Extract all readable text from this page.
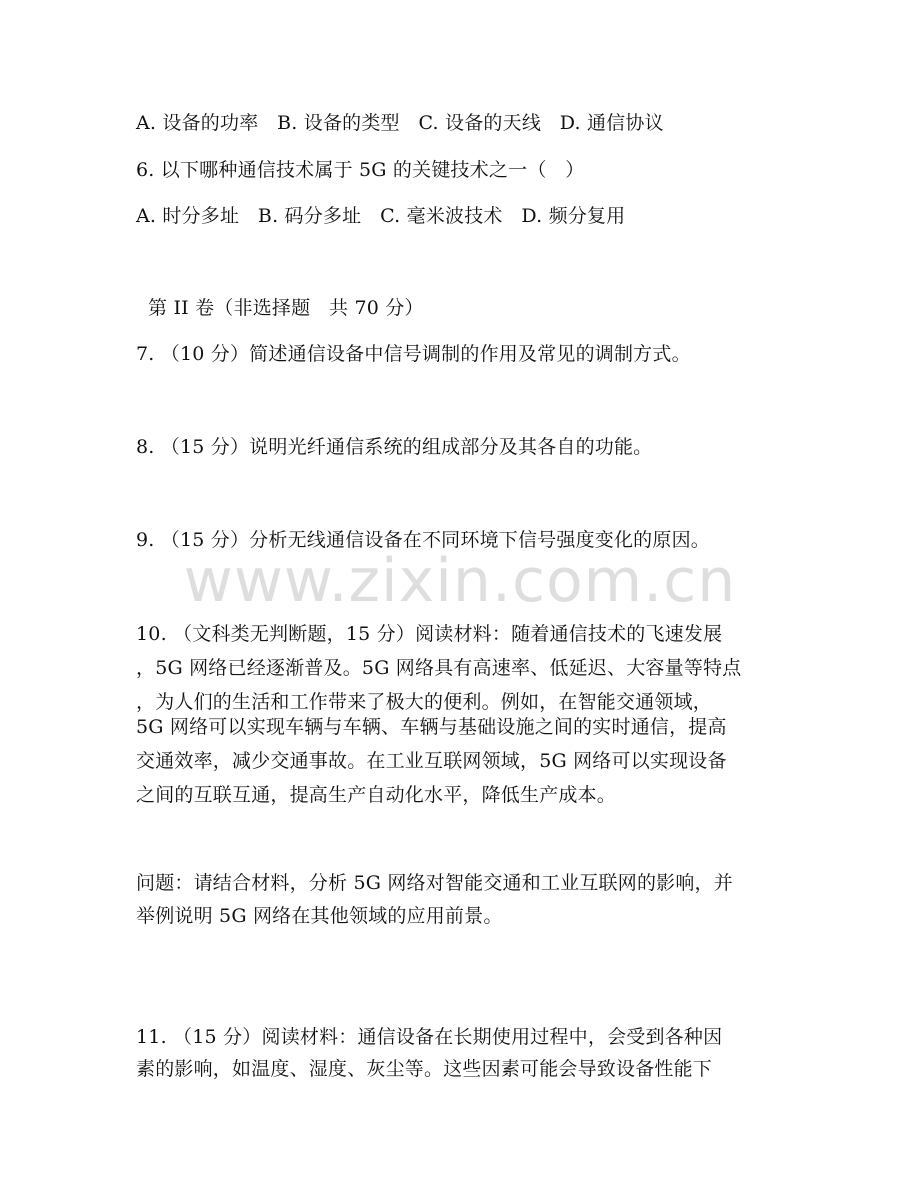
A. 设备的功率   B. 设备的类型   C. 设备的天线   D. 通信协议
6. 以下哪种通信技术属于 5G 的关键技术之一（   ）
A. 时分多址   B. 码分多址   C. 毫米波技术   D. 频分复用
第 II 卷（非选择题   共 70 分）
7. （10 分）简述通信设备中信号调制的作用及常见的调制方式。
8. （15 分）说明光纤通信系统的组成部分及其各自的功能。
9. （15 分）分析无线通信设备在不同环境下信号强度变化的原因。
www.zixin.com.cn
10. （文科类无判断题，15 分）阅读材料：随着通信技术的飞速发展
，5G 网络已经逐渐普及。5G 网络具有高速率、低延迟、大容量等特点
，为人们的生活和工作带来了极大的便利。例如，在智能交通领域，
5G 网络可以实现车辆与车辆、车辆与基础设施之间的实时通信，提高
交通效率，减少交通事故。在工业互联网领域，5G 网络可以实现设备
之间的互联互通，提高生产自动化水平，降低生产成本。
问题：请结合材料，分析 5G 网络对智能交通和工业互联网的影响，并
举例说明 5G 网络在其他领域的应用前景。
11. （15 分）阅读材料：通信设备在长期使用过程中，会受到各种因
素的影响，如温度、湿度、灰尘等。这些因素可能会导致设备性能下
